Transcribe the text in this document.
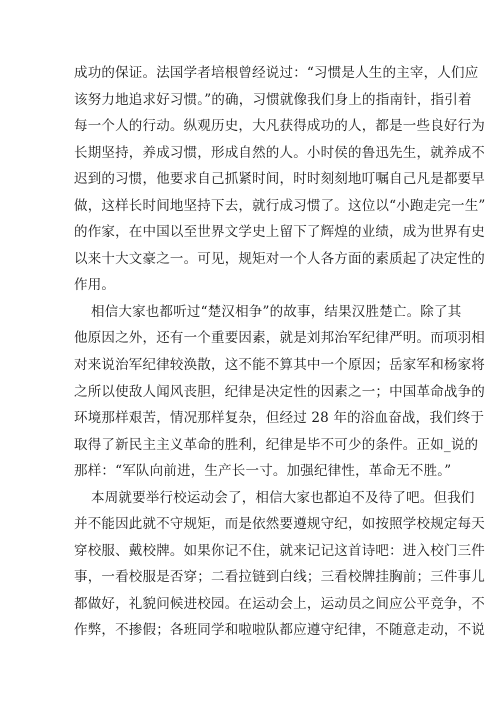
成功的保证。法国学者培根曾经说过：“习惯是人生的主宰，人们应
该努力地追求好习惯。”的确，习惯就像我们身上的指南针，指引着
每一个人的行动。纵观历史，大凡获得成功的人，都是一些良好行为
长期坚持，养成习惯，形成自然的人。小时侯的鲁迅先生，就养成不
迟到的习惯，他要求自己抓紧时间，时时刻刻地叮嘱自己凡是都要早
做，这样长时间地坚持下去，就行成习惯了。这位以“小跑走完一生”
的作家，在中国以至世界文学史上留下了辉煌的业绩，成为世界有史
以来十大文豪之一。可见，规矩对一个人各方面的素质起了决定性的
作用。
相信大家也都听过“楚汉相争”的故事，结果汉胜楚亡。除了其
他原因之外，还有一个重要因素，就是刘邦治军纪律严明。而项羽相
对来说治军纪律较涣散，这不能不算其中一个原因；岳家军和杨家将
之所以使敌人闻风丧胆，纪律是决定性的因素之一；中国革命战争的
环境那样艰苦，情况那样复杂，但经过 28 年的浴血奋战，我们终于
取得了新民主主义革命的胜利，纪律是毕不可少的条件。正如_说的
那样：“军队向前进，生产长一寸。加强纪律性，革命无不胜。”
本周就要举行校运动会了，相信大家也都迫不及待了吧。但我们
并不能因此就不守规矩，而是依然要遵规守纪，如按照学校规定每天
穿校服、戴校牌。如果你记不住，就来记记这首诗吧：进入校门三件
事，一看校服是否穿；二看拉链到白线；三看校牌挂胸前；三件事儿
都做好，礼貌问候进校园。在运动会上，运动员之间应公平竞争，不
作弊，不掺假；各班同学和啦啦队都应遵守纪律，不随意走动，不说
